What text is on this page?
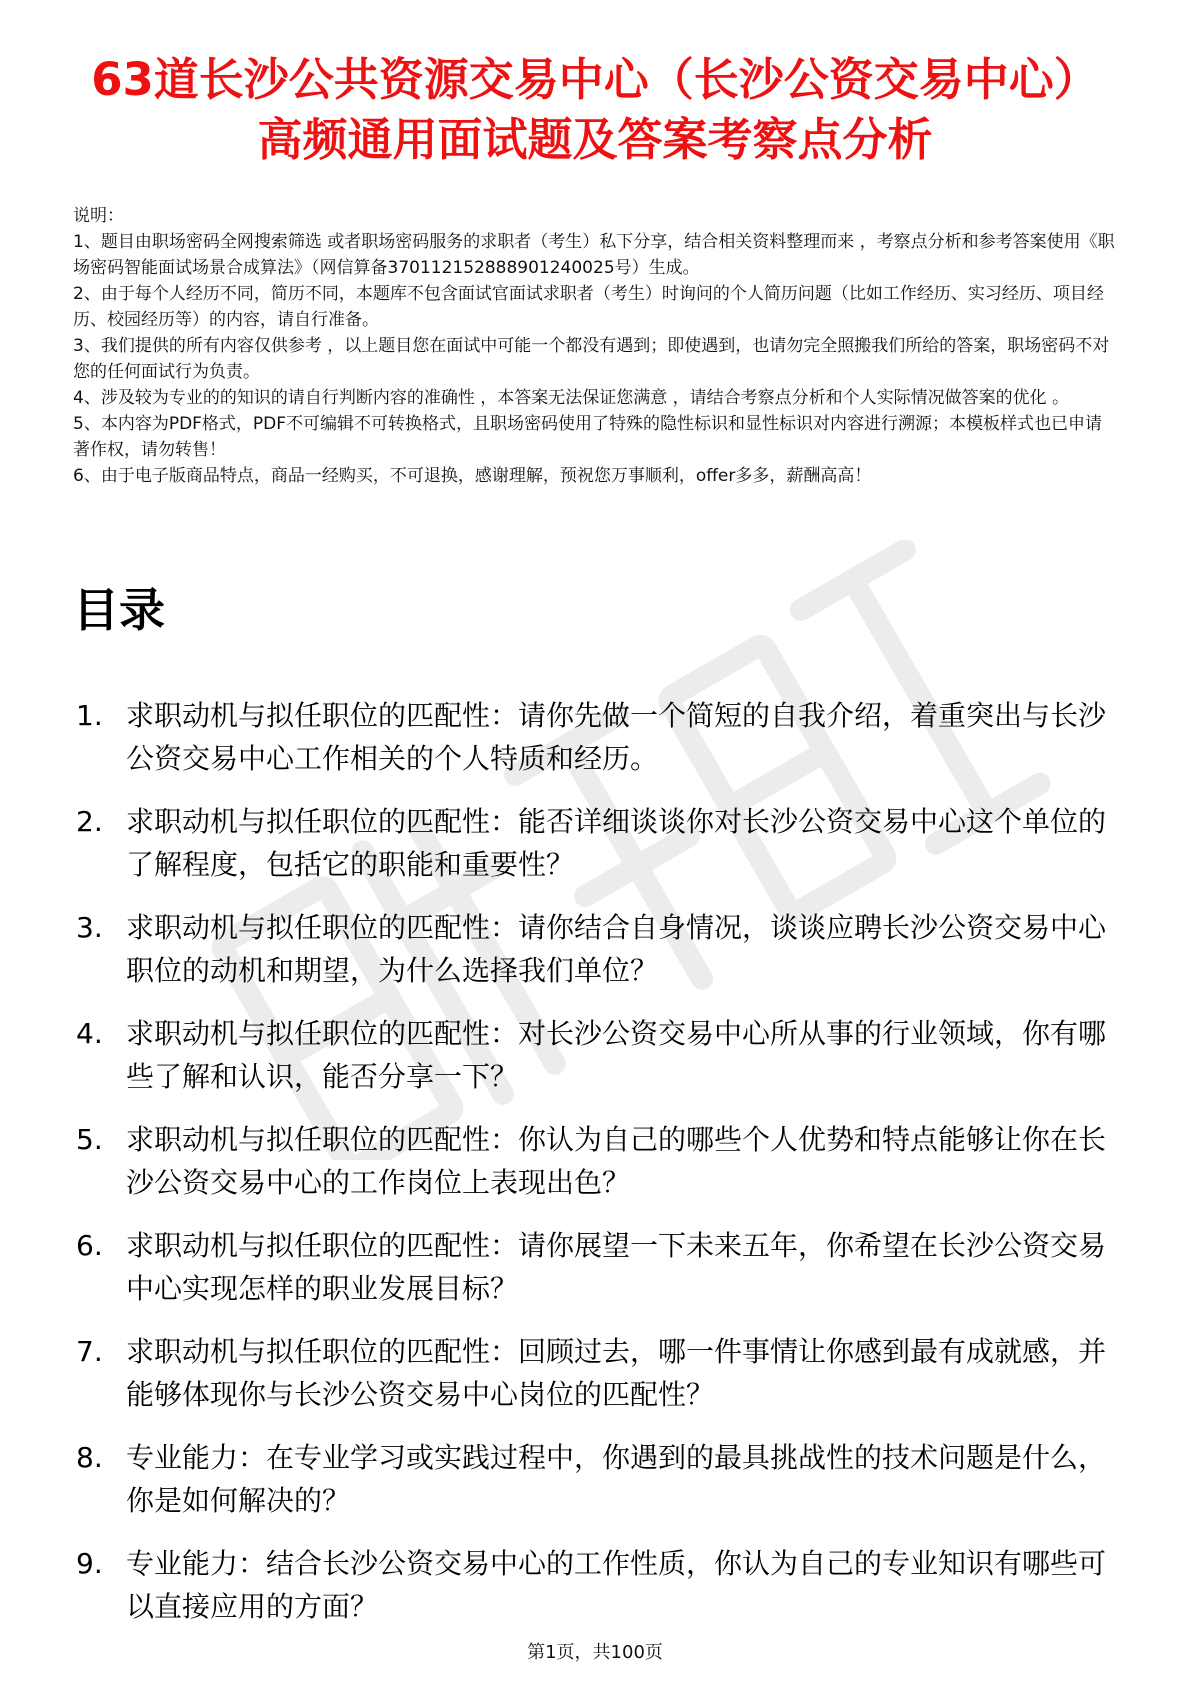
63道长沙公共资源交易中心（长沙公资交易中心）高频通用面试题及答案考察点分析

说明：

1、题目由职场密码全网搜索筛选 或者职场密码服务的求职者（考生）私下分享，结合相关资料整理而来 ，考察点分析和参考答案使用《职场密码智能面试场景合成算法》（网信算备370112152888901240025号）生成。

2、由于每个人经历不同，简历不同，本题库不包含面试官面试求职者（考生）时询问的个人简历问题（比如工作经历、实习经历、项目经历、校园经历等）的内容，请自行准备。

3、我们提供的所有内容仅供参考 ，以上题目您在面试中可能一个都没有遇到；即使遇到，也请勿完全照搬我们所给的答案，职场密码不对您的任何面试行为负责。

4、涉及较为专业的的知识的请自行判断内容的准确性 ，本答案无法保证您满意 ，请结合考察点分析和个人实际情况做答案的优化 。

5、本内容为PDF格式，PDF不可编辑不可转换格式，且职场密码使用了特殊的隐性标识和显性标识对内容进行溯源；本模板样式也已申请著作权，请勿转售！

6、由于电子版商品特点，商品一经购买，不可退换，感谢理解，预祝您万事顺利，offer多多，薪酬高高！

目录
1. 求职动机与拟任职位的匹配性：请你先做一个简短的自我介绍，着重突出与长沙公资交易中心工作相关的个人特质和经历。
2. 求职动机与拟任职位的匹配性：能否详细谈谈你对长沙公资交易中心这个单位的了解程度，包括它的职能和重要性？
3. 求职动机与拟任职位的匹配性：请你结合自身情况，谈谈应聘长沙公资交易中心职位的动机和期望，为什么选择我们单位？
4. 求职动机与拟任职位的匹配性：对长沙公资交易中心所从事的行业领域，你有哪些了解和认识，能否分享一下？
5. 求职动机与拟任职位的匹配性：你认为自己的哪些个人优势和特点能够让你在长沙公资交易中心的工作岗位上表现出色？
6. 求职动机与拟任职位的匹配性：请你展望一下未来五年，你希望在长沙公资交易中心实现怎样的职业发展目标？
7. 求职动机与拟任职位的匹配性：回顾过去，哪一件事情让你感到最有成就感，并能够体现你与长沙公资交易中心岗位的匹配性？
8. 专业能力：在专业学习或实践过程中，你遇到的最具挑战性的技术问题是什么，你是如何解决的？
9. 专业能力：结合长沙公资交易中心的工作性质，你认为自己的专业知识有哪些可以直接应用的方面？
第1页，共100页
